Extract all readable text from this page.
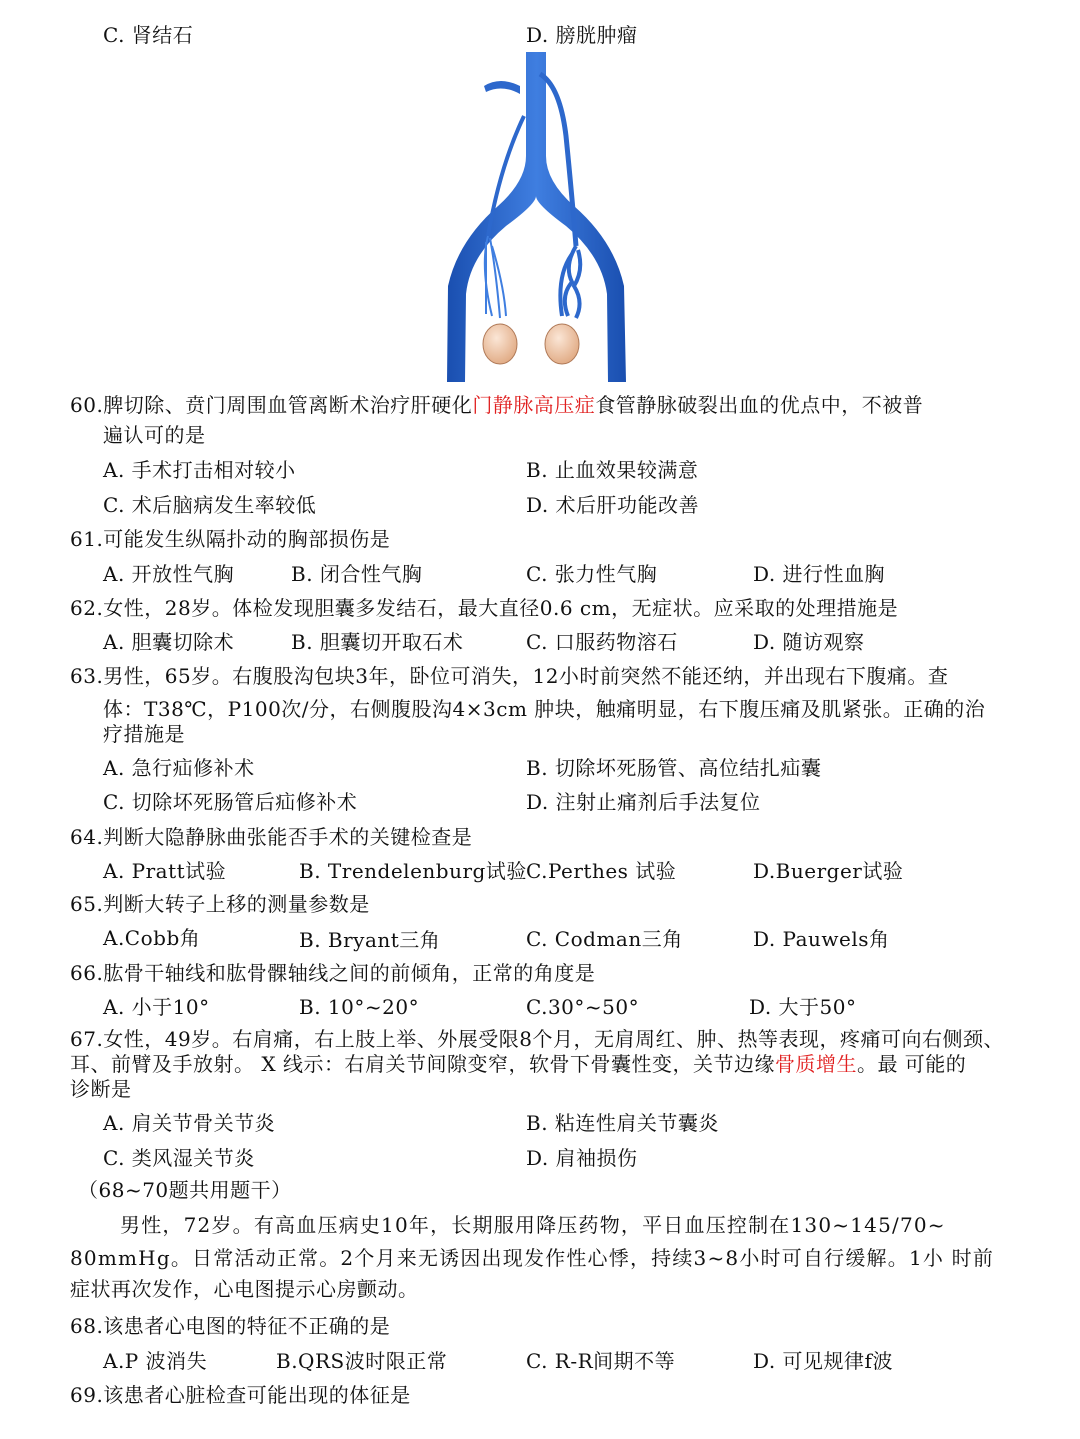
C. 肾结石	D. 膀胱肿瘤
60.脾切除、贲门周围血管离断术治疗肝硬化门静脉高压症食管静脉破裂出血的优点中，不被普
遍认可的是
A. 手术打击相对较小	B. 止血效果较满意
C. 术后脑病发生率较低	D. 术后肝功能改善
61.可能发生纵隔扑动的胸部损伤是
A. 开放性气胸	B. 闭合性气胸	C. 张力性气胸	D. 进行性血胸
62.女性，28岁。体检发现胆囊多发结石，最大直径0.6 cm，无症状。应采取的处理措施是
A. 胆囊切除术	B. 胆囊切开取石术	C. 口服药物溶石	D. 随访观察
63.男性，65岁。右腹股沟包块3年，卧位可消失，12小时前突然不能还纳，并出现右下腹痛。查
体：T38℃，P100次/分，右侧腹股沟4×3cm 肿块，触痛明显，右下腹压痛及肌紧张。正确的治
疗措施是
A. 急行疝修补术	B. 切除坏死肠管、高位结扎疝囊
C. 切除坏死肠管后疝修补术	D. 注射止痛剂后手法复位
64.判断大隐静脉曲张能否手术的关键检查是
A. Pratt试验	B. Trendelenburg试验 C.Perthes 试验	D.Buerger试验
65.判断大转子上移的测量参数是
A.Cobb角	B. Bryant三角	C. Codman三角	D. Pauwels角
66.肱骨干轴线和肱骨髁轴线之间的前倾角，正常的角度是
A. 小于10°	B. 10°~20°	C.30°~50°	D. 大于50°
67.女性，49岁。右肩痛，右上肢上举、外展受限8个月，无肩周红、肿、热等表现，疼痛可向右侧颈、
耳、前臂及手放射。 X 线示：右肩关节间隙变窄，软骨下骨囊性变，关节边缘骨质增生。最 可能的
诊断是
A. 肩关节骨关节炎	B. 粘连性肩关节囊炎
C. 类风湿关节炎	D. 肩袖损伤
（68~70题共用题干）
男性，72岁。有高血压病史10年，长期服用降压药物，平日血压控制在130~145/70~
80mmHg。日常活动正常。2个月来无诱因出现发作性心悸，持续3~8小时可自行缓解。1小 时前
症状再次发作，心电图提示心房颤动。
68.该患者心电图的特征不正确的是
A.P 波消失	B.QRS波时限正常	C. R-R间期不等	D. 可见规律f波
69.该患者心脏检查可能出现的体征是
